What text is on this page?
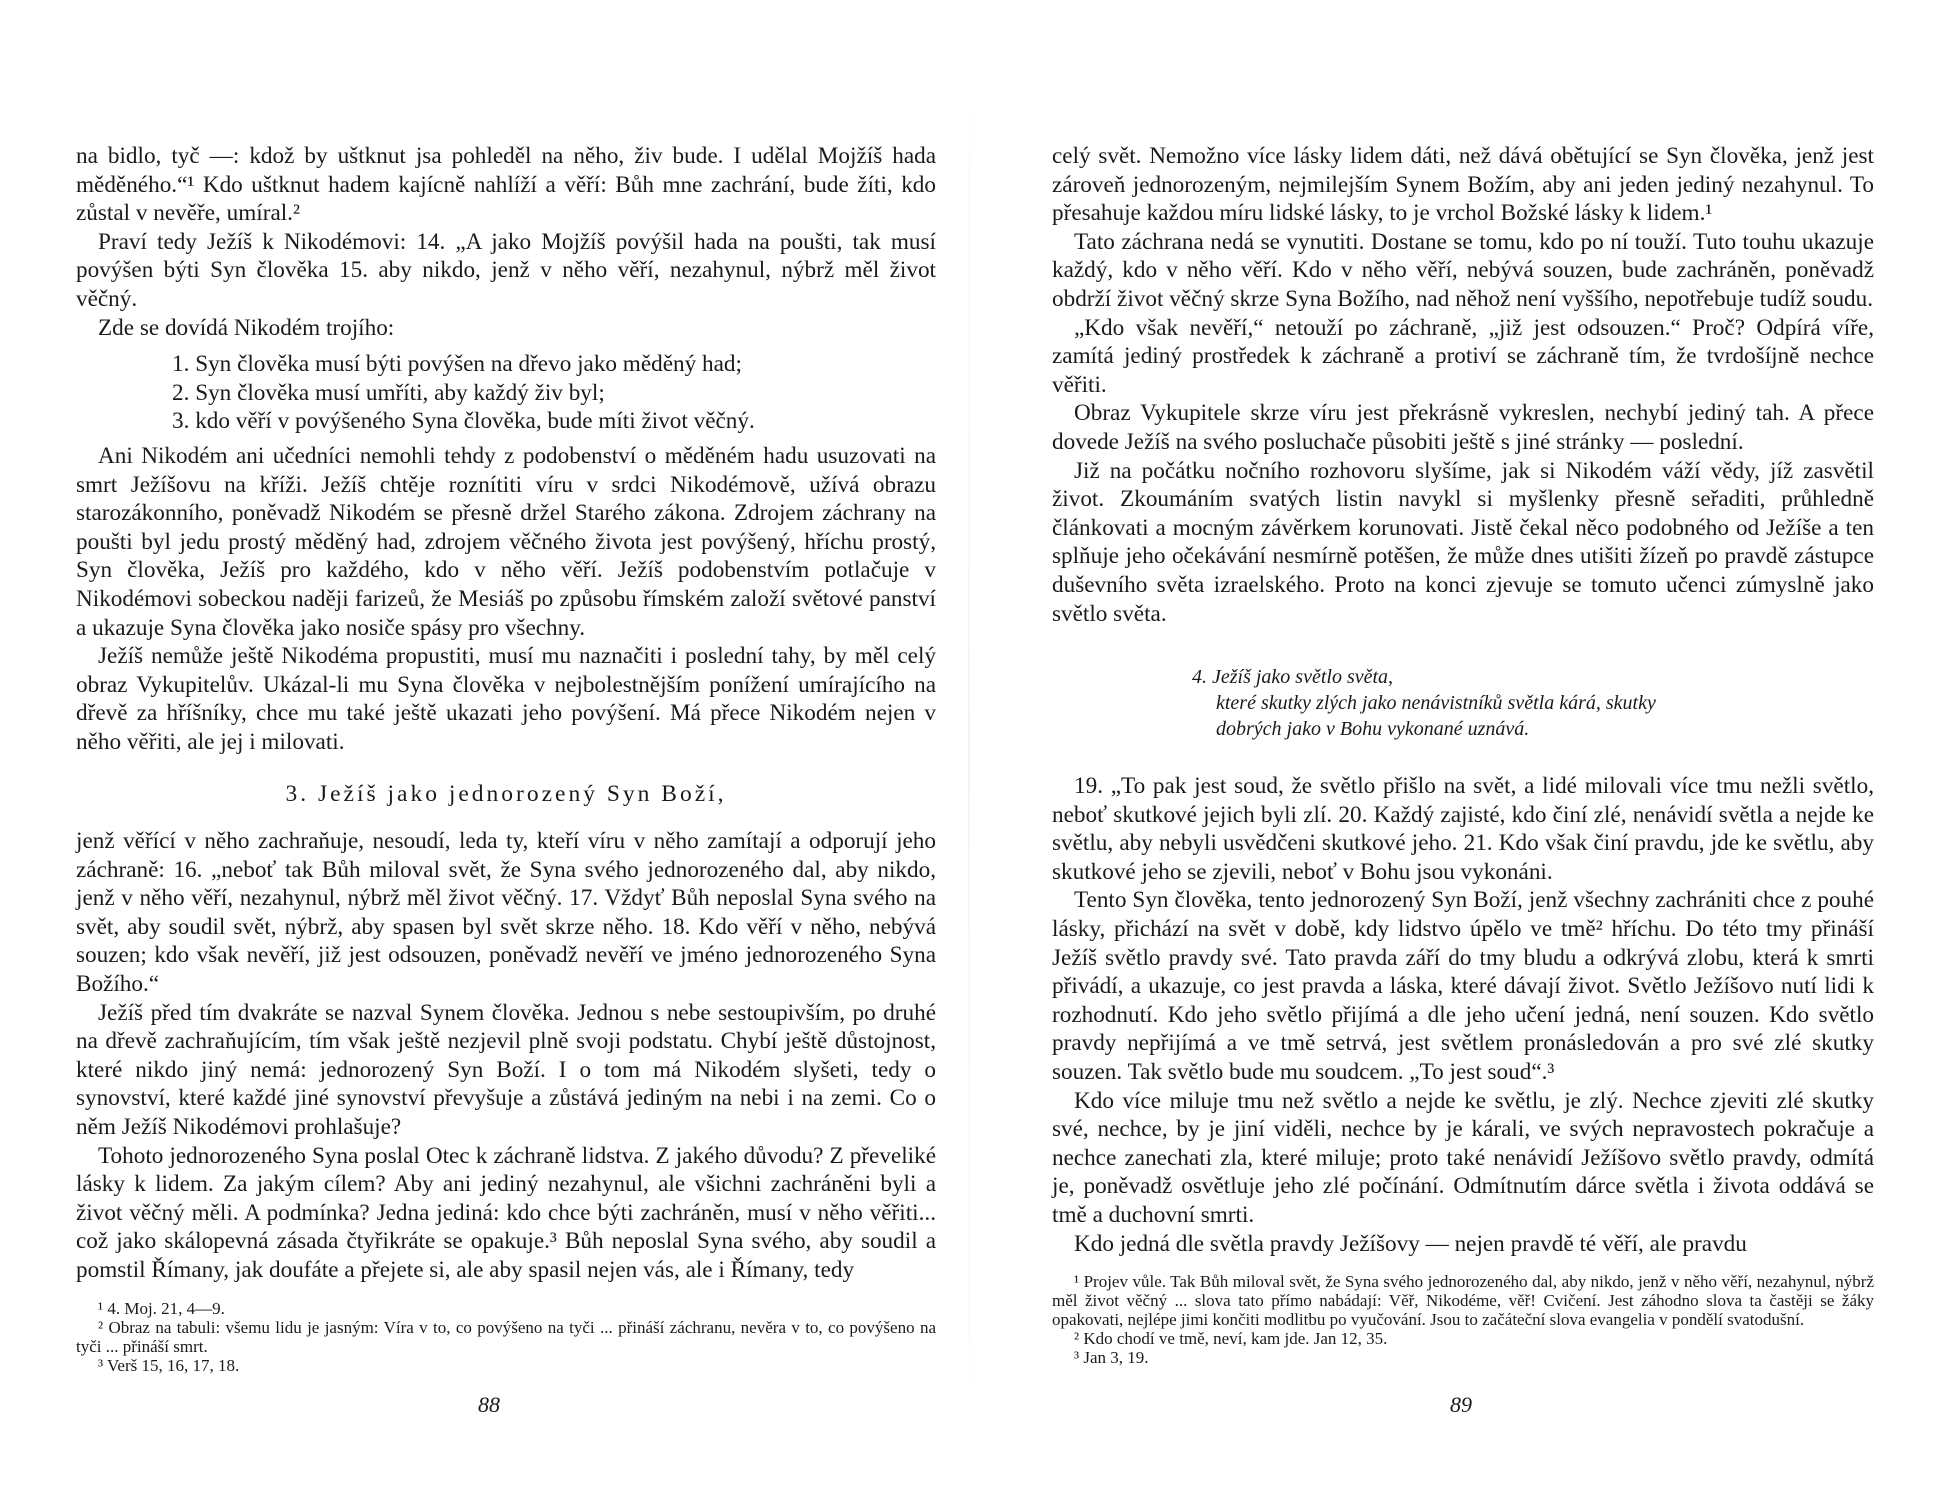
na bidlo, tyč —: kdož by uštknut jsa pohleděl na něho, živ bude. I udělal Mojžíš hada měděného.“¹ Kdo uštknut hadem kajícně nahlíží a věří: Bůh mne zachrání, bude žíti, kdo zůstal v nevěře, umíral.²

Praví tedy Ježíš k Nikodémovi: 14. „A jako Mojžíš povýšil hada na poušti, tak musí povýšen býti Syn člověka 15. aby nikdo, jenž v něho věří, nezahynul, nýbrž měl život věčný.

Zde se dovídá Nikodém trojího:

1. Syn člověka musí býti povýšen na dřevo jako měděný had;
2. Syn člověka musí umříti, aby každý živ byl;
3. kdo věří v povýšeného Syna člověka, bude míti život věčný.

Ani Nikodém ani učedníci nemohli tehdy z podobenství o měděném hadu usuzovati na smrt Ježíšovu na kříži. Ježíš chtěje roznítiti víru v srdci Nikodémově, užívá obrazu starozákonního, poněvadž Nikodém se přesně držel Starého zákona. Zdrojem záchrany na poušti byl jedu prostý měděný had, zdrojem věčného života jest povýšený, hříchu prostý, Syn člověka, Ježíš pro každého, kdo v něho věří. Ježíš podobenstvím potlačuje v Nikodémovi sobeckou naději farizeů, že Mesiáš po způsobu římském založí světové panství a ukazuje Syna člověka jako nosiče spásy pro všechny.

Ježíš nemůže ještě Nikodéma propustiti, musí mu naznačiti i poslední tahy, by měl celý obraz Vykupitelův. Ukázal-li mu Syna člověka v nejbolestnějším ponížení umírajícího na dřevě za hříšníky, chce mu také ještě ukazati jeho povýšení. Má přece Nikodém nejen v něho věřiti, ale jej i milovati.

3. Ježíš jako jednorozený Syn Boží,

jenž věřící v něho zachraňuje, nesoudí, leda ty, kteří víru v něho zamítají a odporují jeho záchraně: 16. „neboť tak Bůh miloval svět, že Syna svého jednorozeného dal, aby nikdo, jenž v něho věří, nezahynul, nýbrž měl život věčný. 17. Vždyť Bůh neposlal Syna svého na svět, aby soudil svět, nýbrž, aby spasen byl svět skrze něho. 18. Kdo věří v něho, nebývá souzen; kdo však nevěří, již jest odsouzen, poněvadž nevěří ve jméno jednorozeného Syna Božího.“

Ježíš před tím dvakráte se nazval Synem člověka. Jednou s nebe sestoupivším, po druhé na dřevě zachraňujícím, tím však ještě nezjevil plně svoji podstatu. Chybí ještě důstojnost, které nikdo jiný nemá: jednorozený Syn Boží. I o tom má Nikodém slyšeti, tedy o synovství, které každé jiné synovství převyšuje a zůstává jediným na nebi i na zemi. Co o něm Ježíš Nikodémovi prohlašuje?

Tohoto jednorozeného Syna poslal Otec k záchraně lidstva. Z jakého důvodu? Z převeliké lásky k lidem. Za jakým cílem? Aby ani jediný nezahynul, ale všichni zachráněni byli a život věčný měli. A podmínka? Jedna jediná: kdo chce býti zachráněn, musí v něho věřiti... což jako skálopevná zásada čtyřikráte se opakuje.³ Bůh neposlal Syna svého, aby soudil a pomstil Římany, jak doufáte a přejete si, ale aby spasil nejen vás, ale i Římany, tedy

¹ 4. Moj. 21, 4—9.
² Obraz na tabuli: všemu lidu je jasným: Víra v to, co povýšeno na tyči ... přináší záchranu, nevěra v to, co povýšeno na tyči ... přináší smrt.
³ Verš 15, 16, 17, 18.
88

celý svět. Nemožno více lásky lidem dáti, než dává obětující se Syn člověka, jenž jest zároveň jednorozeným, nejmilejším Synem Božím, aby ani jeden jediný nezahynul. To přesahuje každou míru lidské lásky, to je vrchol Božské lásky k lidem.¹

Tato záchrana nedá se vynutiti. Dostane se tomu, kdo po ní touží. Tuto touhu ukazuje každý, kdo v něho věří. Kdo v něho věří, nebývá souzen, bude zachráněn, poněvadž obdrží život věčný skrze Syna Božího, nad něhož není vyššího, nepotřebuje tudíž soudu.

„Kdo však nevěří,“ netouží po záchraně, „již jest odsouzen.“ Proč? Odpírá víře, zamítá jediný prostředek k záchraně a protiví se záchraně tím, že tvrdošíjně nechce věřiti.

Obraz Vykupitele skrze víru jest překrásně vykreslen, nechybí jediný tah. A přece dovede Ježíš na svého posluchače působiti ještě s jiné stránky — poslední.

Již na počátku nočního rozhovoru slyšíme, jak si Nikodém váží vědy, jíž zasvětil život. Zkoumáním svatých listin navykl si myšlenky přesně seřaditi, průhledně článkovati a mocným závěrkem korunovati. Jistě čekal něco podobného od Ježíše a ten splňuje jeho očekávání nesmírně potěšen, že může dnes utišiti žízeň po pravdě zástupce duševního světa izraelského. Proto na konci zjevuje se tomuto učenci zúmyslně jako světlo světa.

4. Ježíš jako světlo světa,
které skutky zlých jako nenávistníků světla kárá, skutky
dobrých jako v Bohu vykonané uznává.

19. „To pak jest soud, že světlo přišlo na svět, a lidé milovali více tmu nežli světlo, neboť skutkové jejich byli zlí. 20. Každý zajisté, kdo činí zlé, nenávidí světla a nejde ke světlu, aby nebyli usvědčeni skutkové jeho. 21. Kdo však činí pravdu, jde ke světlu, aby skutkové jeho se zjevili, neboť v Bohu jsou vykonáni.

Tento Syn člověka, tento jednorozený Syn Boží, jenž všechny zachrániti chce z pouhé lásky, přichází na svět v době, kdy lidstvo úpělo ve tmě² hříchu. Do této tmy přináší Ježíš světlo pravdy své. Tato pravda září do tmy bludu a odkrývá zlobu, která k smrti přivádí, a ukazuje, co jest pravda a láska, které dávají život. Světlo Ježíšovo nutí lidi k rozhodnutí. Kdo jeho světlo přijímá a dle jeho učení jedná, není souzen. Kdo světlo pravdy nepřijímá a ve tmě setrvá, jest světlem pronásledován a pro své zlé skutky souzen. Tak světlo bude mu soudcem. „To jest soud“.³

Kdo více miluje tmu než světlo a nejde ke světlu, je zlý. Nechce zjeviti zlé skutky své, nechce, by je jiní viděli, nechce by je kárali, ve svých nepravostech pokračuje a nechce zanechati zla, které miluje; proto také nenávidí Ježíšovo světlo pravdy, odmítá je, poněvadž osvětluje jeho zlé počínání. Odmítnutím dárce světla i života oddává se tmě a duchovní smrti.

Kdo jedná dle světla pravdy Ježíšovy — nejen pravdě té věří, ale pravdu

¹ Projev vůle. Tak Bůh miloval svět, že Syna svého jednorozeného dal, aby nikdo, jenž v něho věří, nezahynul, nýbrž měl život věčný ... slova tato přímo nabádají: Věř, Nikodéme, věř! Cvičení. Jest záhodno slova ta častěji se žáky opakovati, nejlépe jimi končiti modlitbu po vyučování. Jsou to začáteční slova evangelia v pondělí svatodušní.
² Kdo chodí ve tmě, neví, kam jde. Jan 12, 35.
³ Jan 3, 19.
89
